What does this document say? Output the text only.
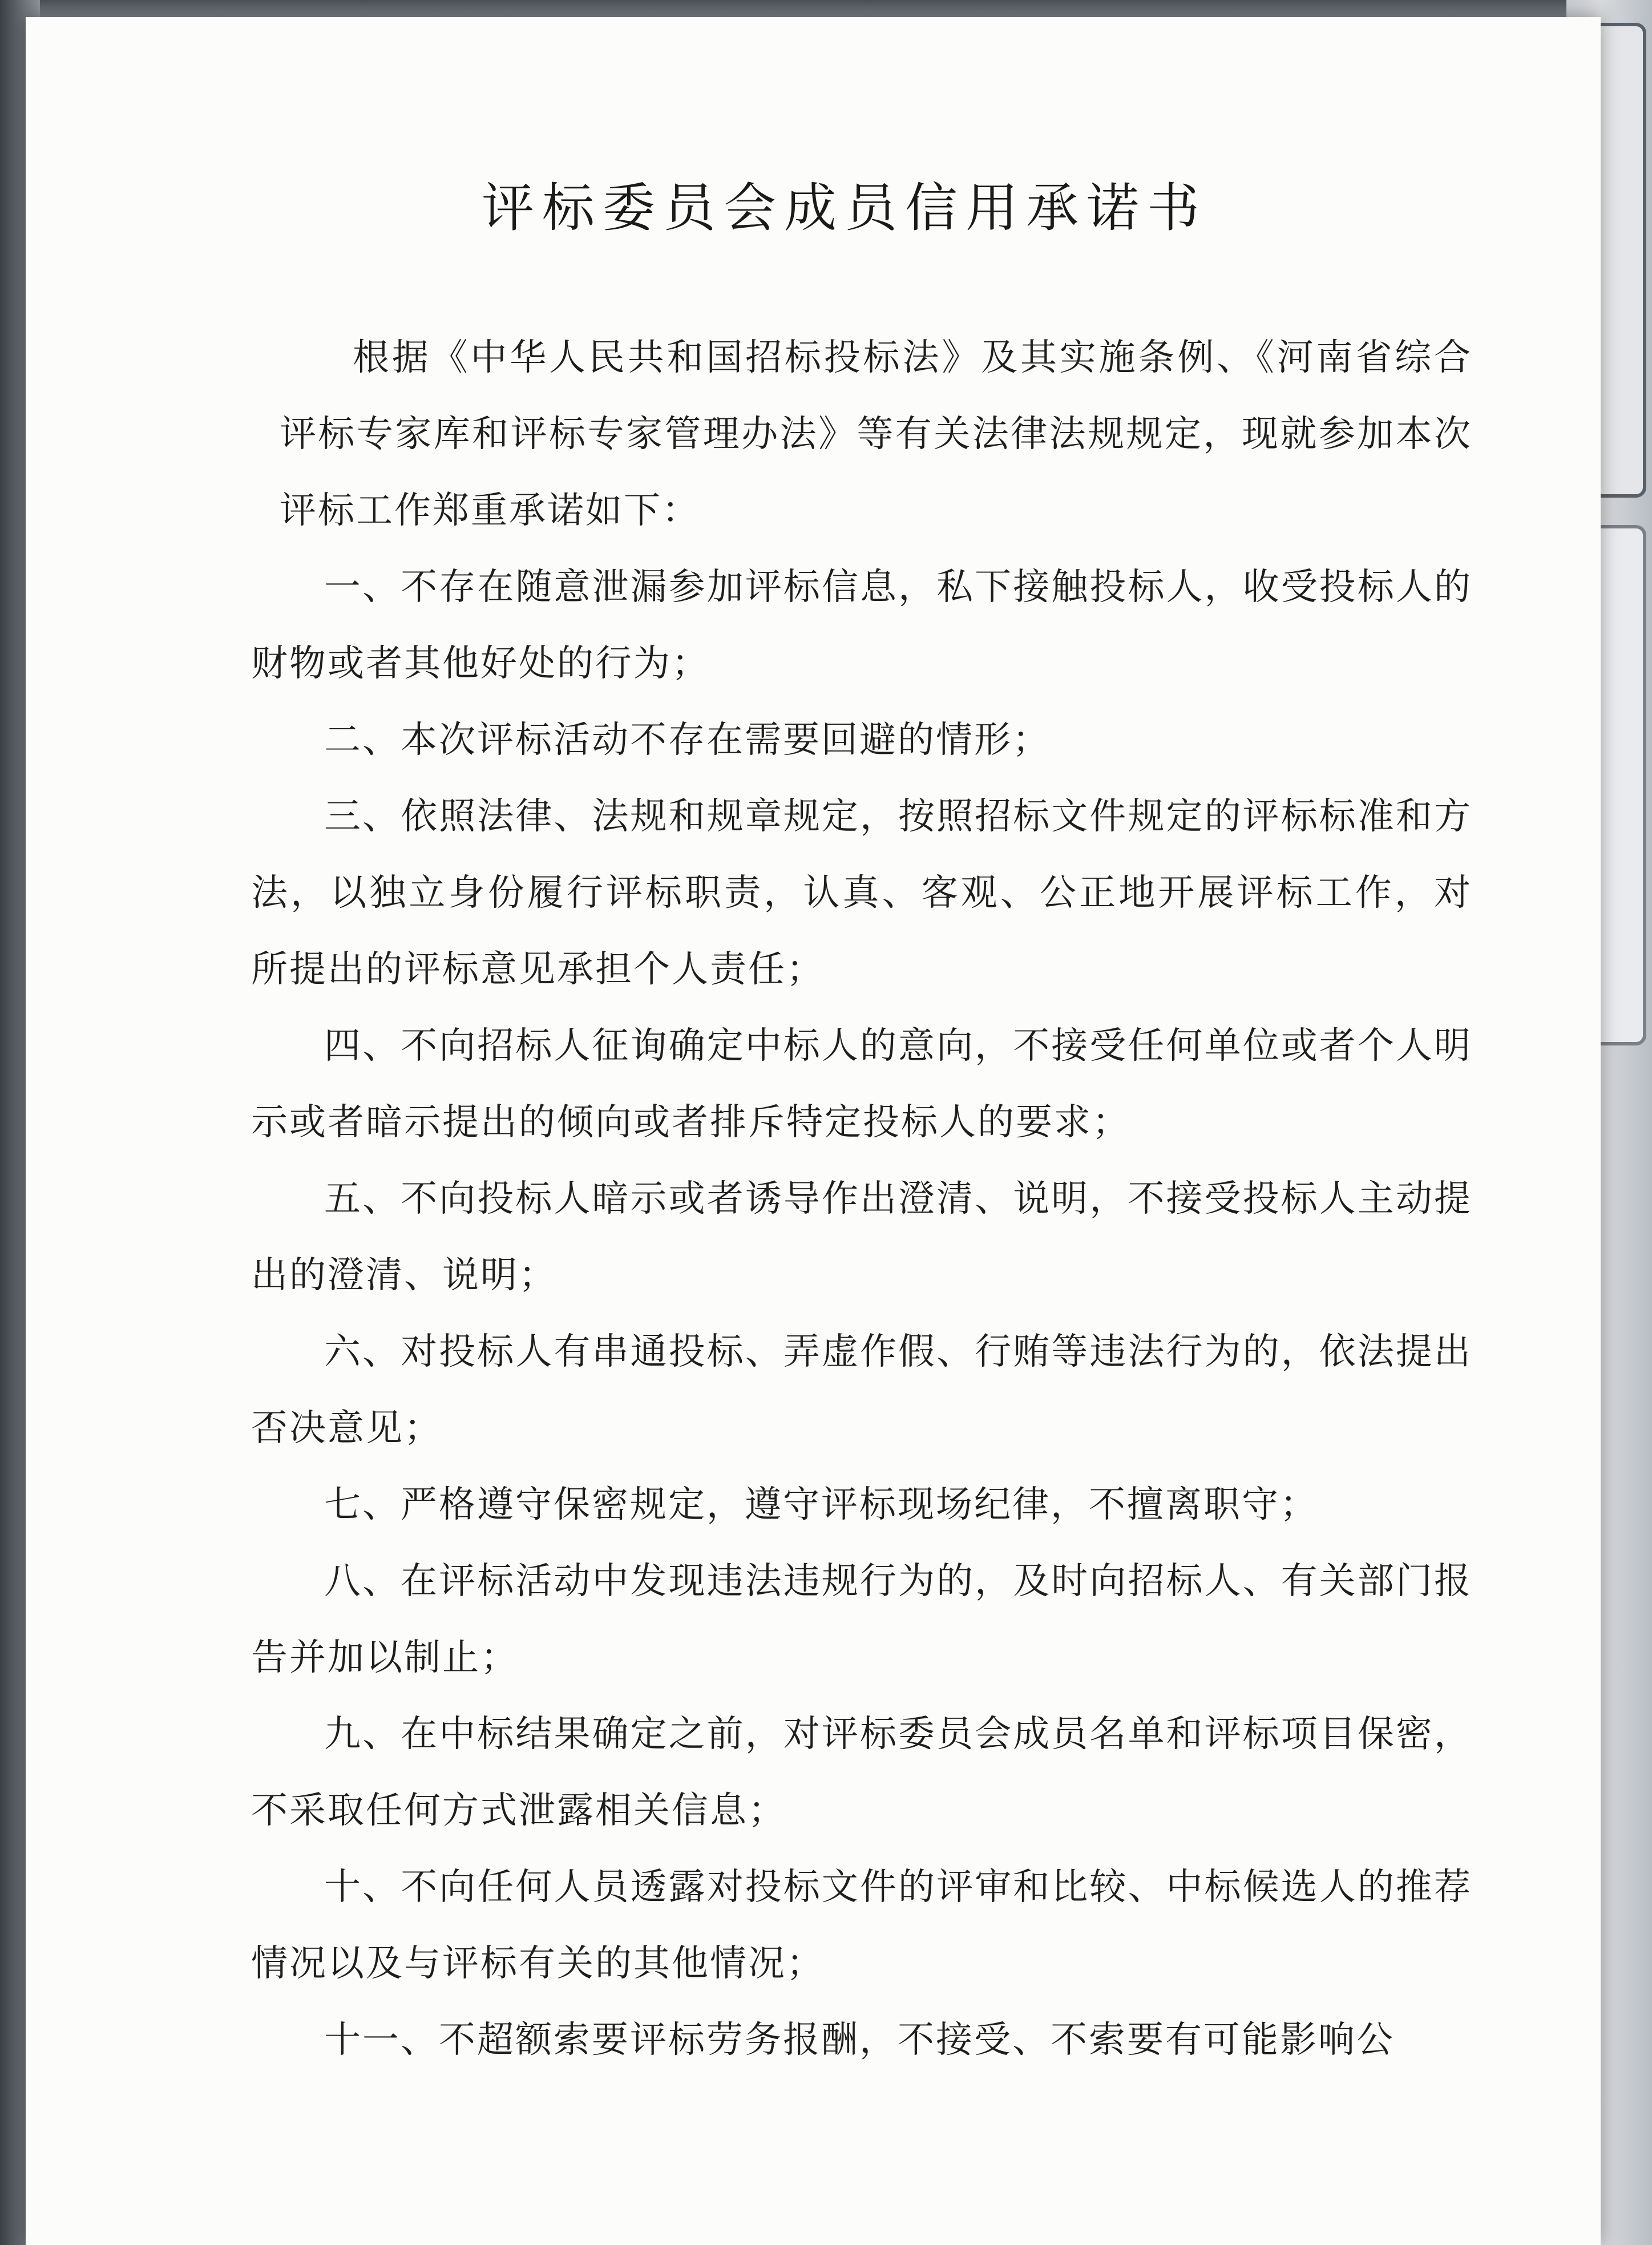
评标委员会成员信用承诺书

根据《中华人民共和国招标投标法》及其实施条例、《河南省综合评标专家库和评标专家管理办法》等有关法律法规规定，现就参加本次评标工作郑重承诺如下：

一、不存在随意泄漏参加评标信息，私下接触投标人，收受投标人的财物或者其他好处的行为；

二、本次评标活动不存在需要回避的情形；

三、依照法律、法规和规章规定，按照招标文件规定的评标标准和方法，以独立身份履行评标职责，认真、客观、公正地开展评标工作，对所提出的评标意见承担个人责任；

四、不向招标人征询确定中标人的意向，不接受任何单位或者个人明示或者暗示提出的倾向或者排斥特定投标人的要求；

五、不向投标人暗示或者诱导作出澄清、说明，不接受投标人主动提出的澄清、说明；

六、对投标人有串通投标、弄虚作假、行贿等违法行为的，依法提出否决意见；

七、严格遵守保密规定，遵守评标现场纪律，不擅离职守；

八、在评标活动中发现违法违规行为的，及时向招标人、有关部门报告并加以制止；

九、在中标结果确定之前，对评标委员会成员名单和评标项目保密，不采取任何方式泄露相关信息；

十、不向任何人员透露对投标文件的评审和比较、中标候选人的推荐情况以及与评标有关的其他情况；

十一、不超额索要评标劳务报酬，不接受、不索要有可能影响公
